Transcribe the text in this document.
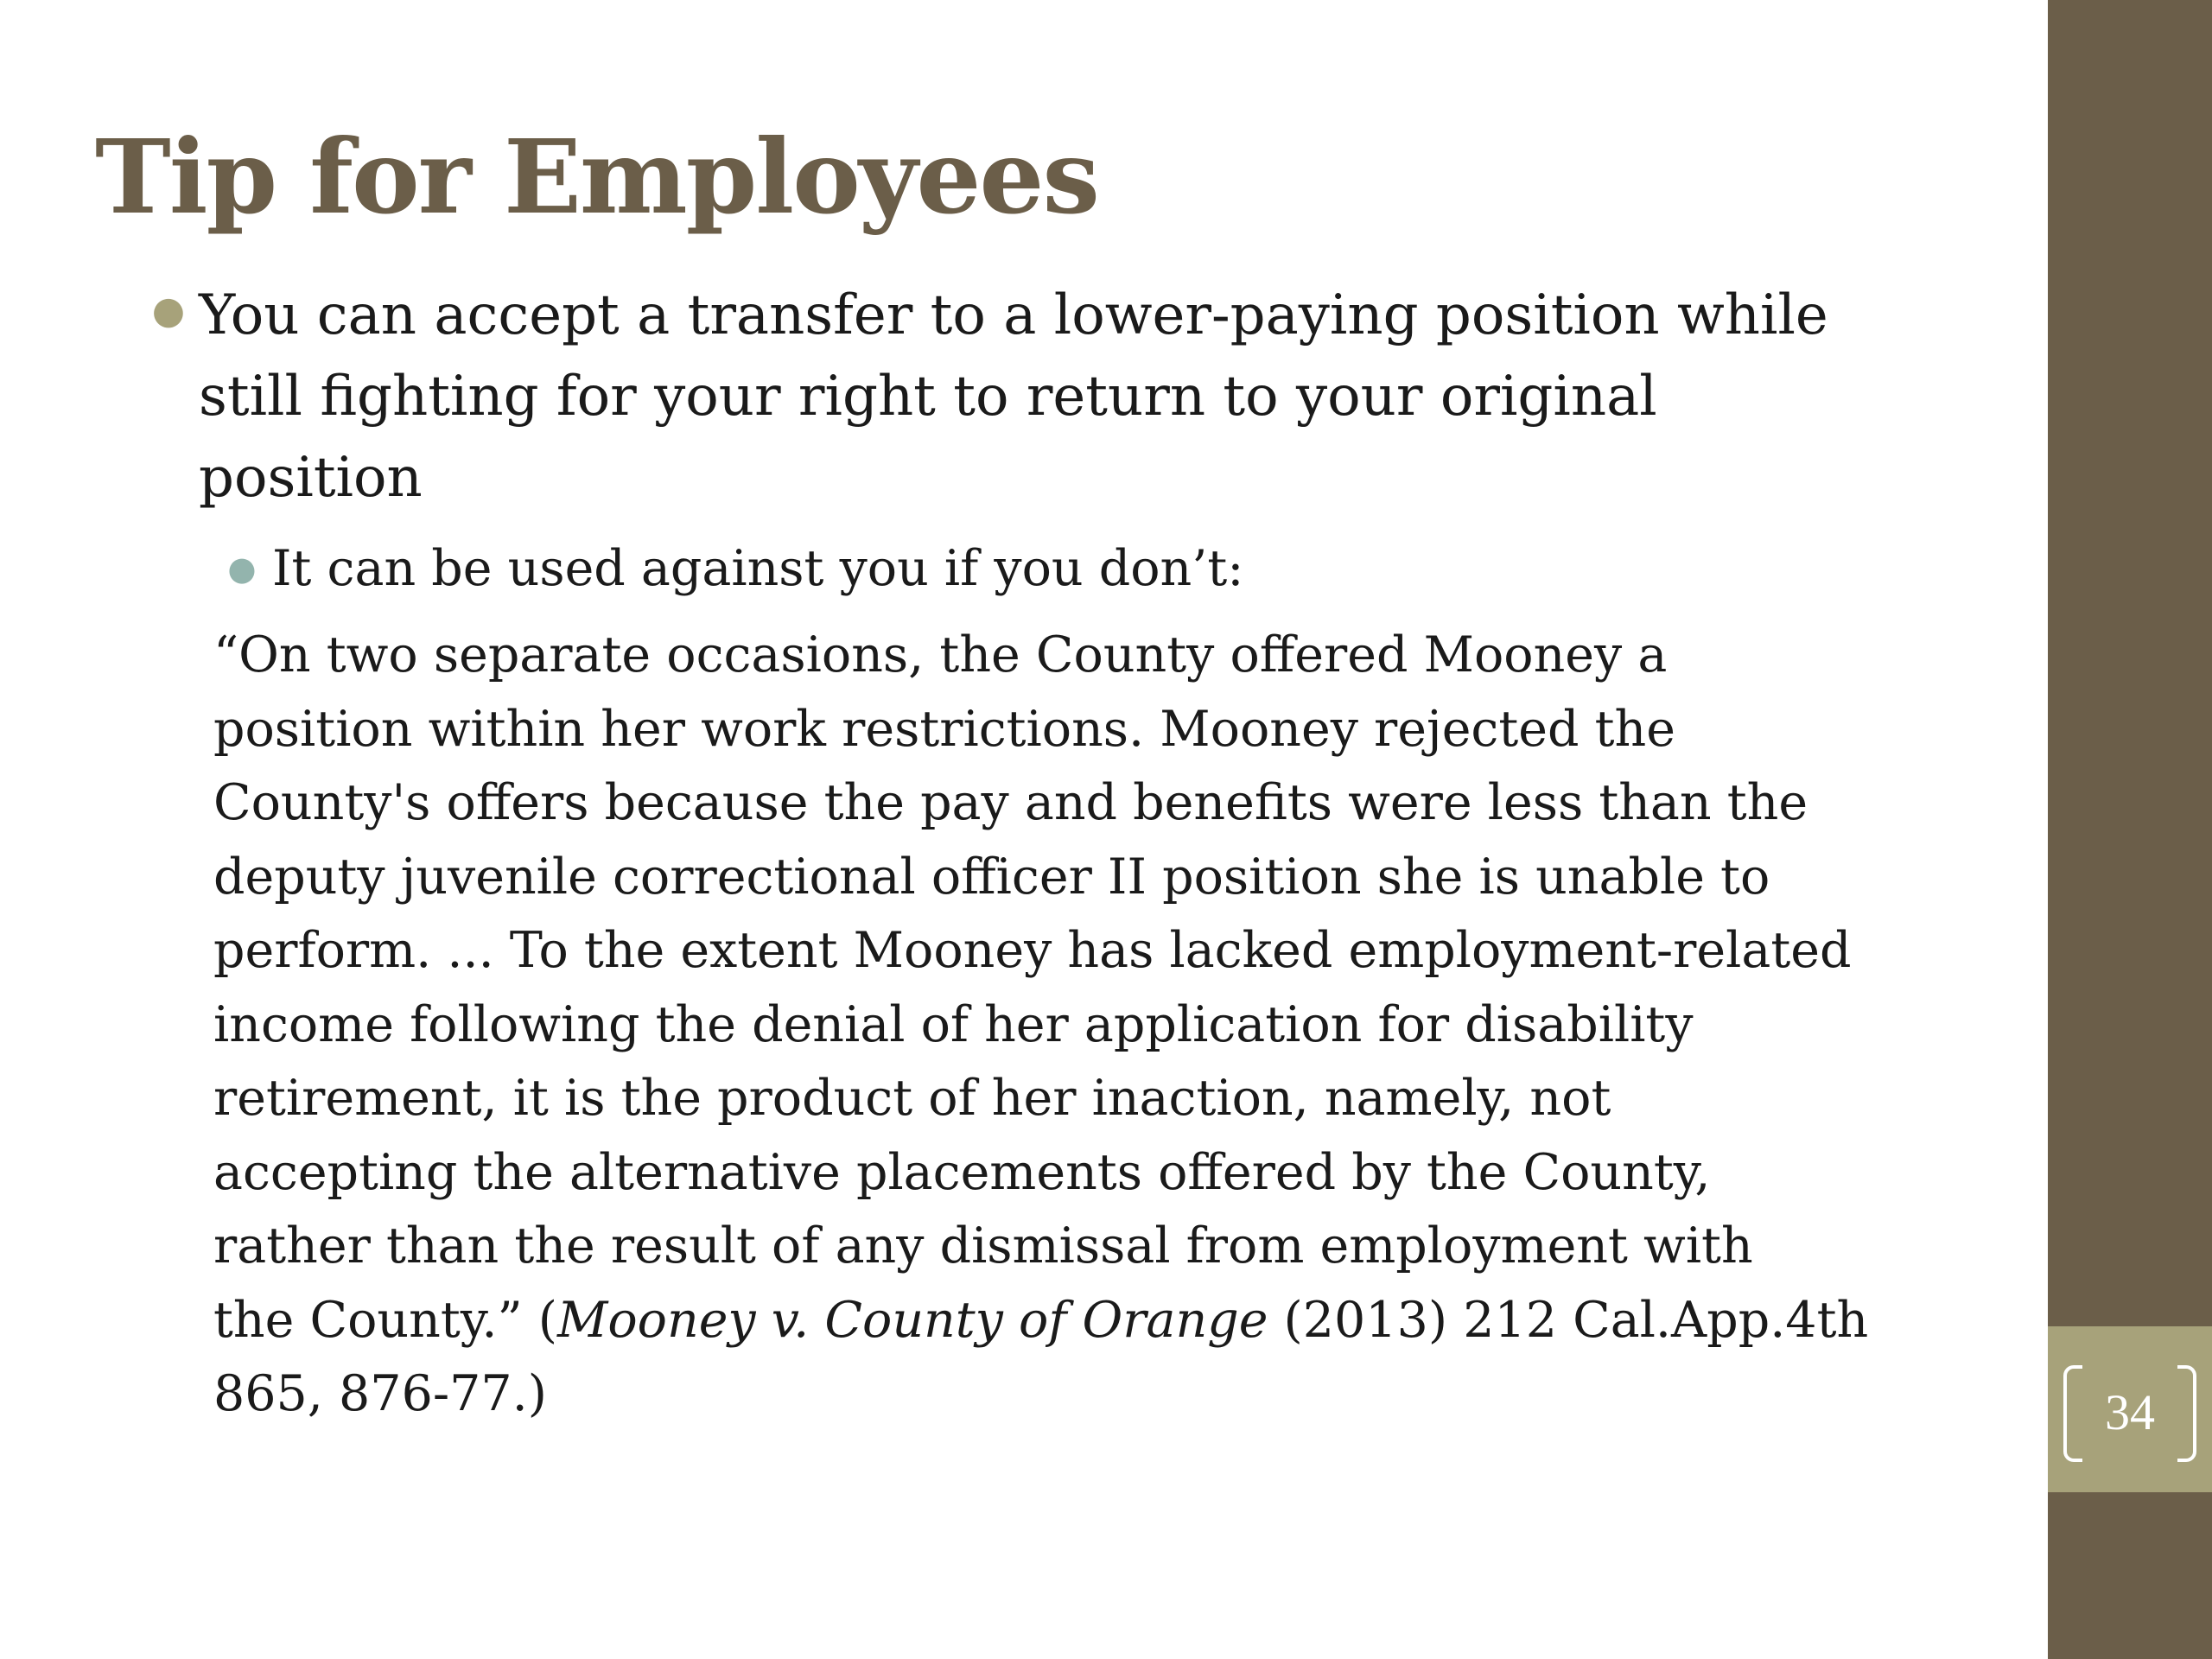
34
Tip for Employees
● You can accept a transfer to a lower-paying position while
still fighting for your right to return to your original
position

● It can be used against you if you don’t:

“On two separate occasions, the County offered Mooney a
position within her work restrictions. Mooney rejected the
County's offers because the pay and benefits were less than the
deputy juvenile correctional officer II position she is unable to
perform. ... To the extent Mooney has lacked employment-related
income following the denial of her application for disability
retirement, it is the product of her inaction, namely, not
accepting the alternative placements offered by the County,
rather than the result of any dismissal from employment with
the County.” (Mooney v. County of Orange (2013) 212 Cal.App.4th
865, 876-77.)
